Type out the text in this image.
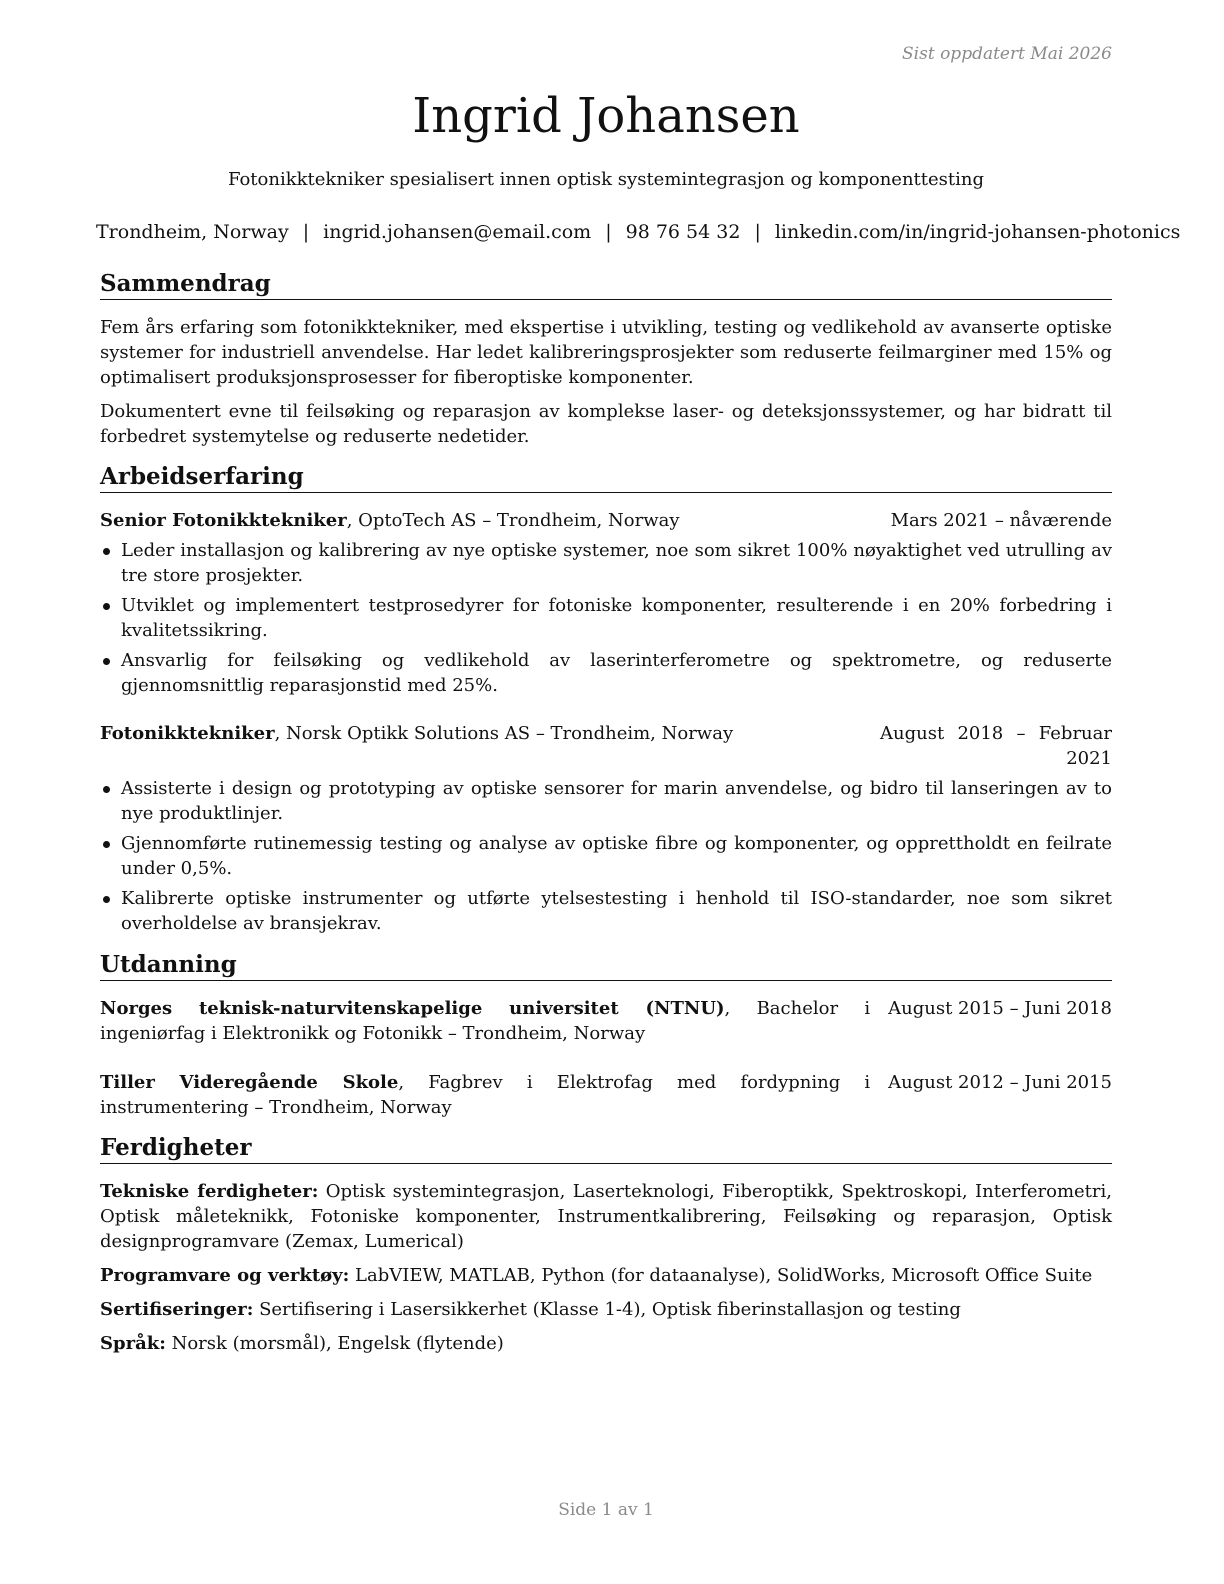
Sist oppdatert Mai 2026
Ingrid Johansen
Fotonikktekniker spesialisert innen optisk systemintegrasjon og komponenttesting
Trondheim, Norway | ingrid.johansen@email.com | 98 76 54 32 | linkedin.com/in/ingrid-johansen-photonics
Sammendrag

Fem års erfaring som fotonikktekniker, med ekspertise i utvikling, testing og vedlikehold av avanserte optiske systemer for industriell anvendelse. Har ledet kalibreringsprosjekter som reduserte feilmarginer med 15% og optimalisert produksjonsprosesser for fiberoptiske komponenter.

Dokumentert evne til feilsøking og reparasjon av komplekse laser- og deteksjonssystemer, og har bidratt til forbedret systemytelse og reduserte nedetider.

Arbeidserfaring
Senior Fotonikktekniker, OptoTech AS – Trondheim, Norway	Mars 2021 – nåværende
Leder installasjon og kalibrering av nye optiske systemer, noe som sikret 100% nøyaktighet ved utrulling av tre store prosjekter.
Utviklet og implementert testprosedyrer for fotoniske komponenter, resulterende i en 20% forbedring i kvalitetssikring.
Ansvarlig for feilsøking og vedlikehold av laserinterferometre og spektrometre, og reduserte gjennomsnittlig reparasjonstid med 25%.
Fotonikktekniker, Norsk Optikk Solutions AS – Trondheim, Norway	August 2018 – Februar 2021
Assisterte i design og prototyping av optiske sensorer for marin anvendelse, og bidro til lanseringen av to nye produktlinjer.
Gjennomførte rutinemessig testing og analyse av optiske fibre og komponenter, og opprettholdt en feilrate under 0,5%.
Kalibrerte optiske instrumenter og utførte ytelsestesting i henhold til ISO-standarder, noe som sikret overholdelse av bransjekrav.
Utdanning
Norges teknisk-naturvitenskapelige universitet (NTNU), Bachelor i ingeniørfag i Elektronikk og Fotonikk – Trondheim, Norway
August 2015 – Juni 2018
Tiller Videregående Skole, Fagbrev i Elektrofag med fordypning i instrumentering – Trondheim, Norway
August 2012 – Juni 2015
Ferdigheter

Tekniske ferdigheter: Optisk systemintegrasjon, Laserteknologi, Fiberoptikk, Spektroskopi, Interferometri, Optisk måleteknikk, Fotoniske komponenter, Instrumentkalibrering, Feilsøking og reparasjon, Optisk designprogramvare (Zemax, Lumerical)

Programvare og verktøy: LabVIEW, MATLAB, Python (for dataanalyse), SolidWorks, Microsoft Office Suite

Sertifiseringer: Sertifisering i Lasersikkerhet (Klasse 1-4), Optisk fiberinstallasjon og testing

Språk: Norsk (morsmål), Engelsk (flytende)

Side 1 av 1
